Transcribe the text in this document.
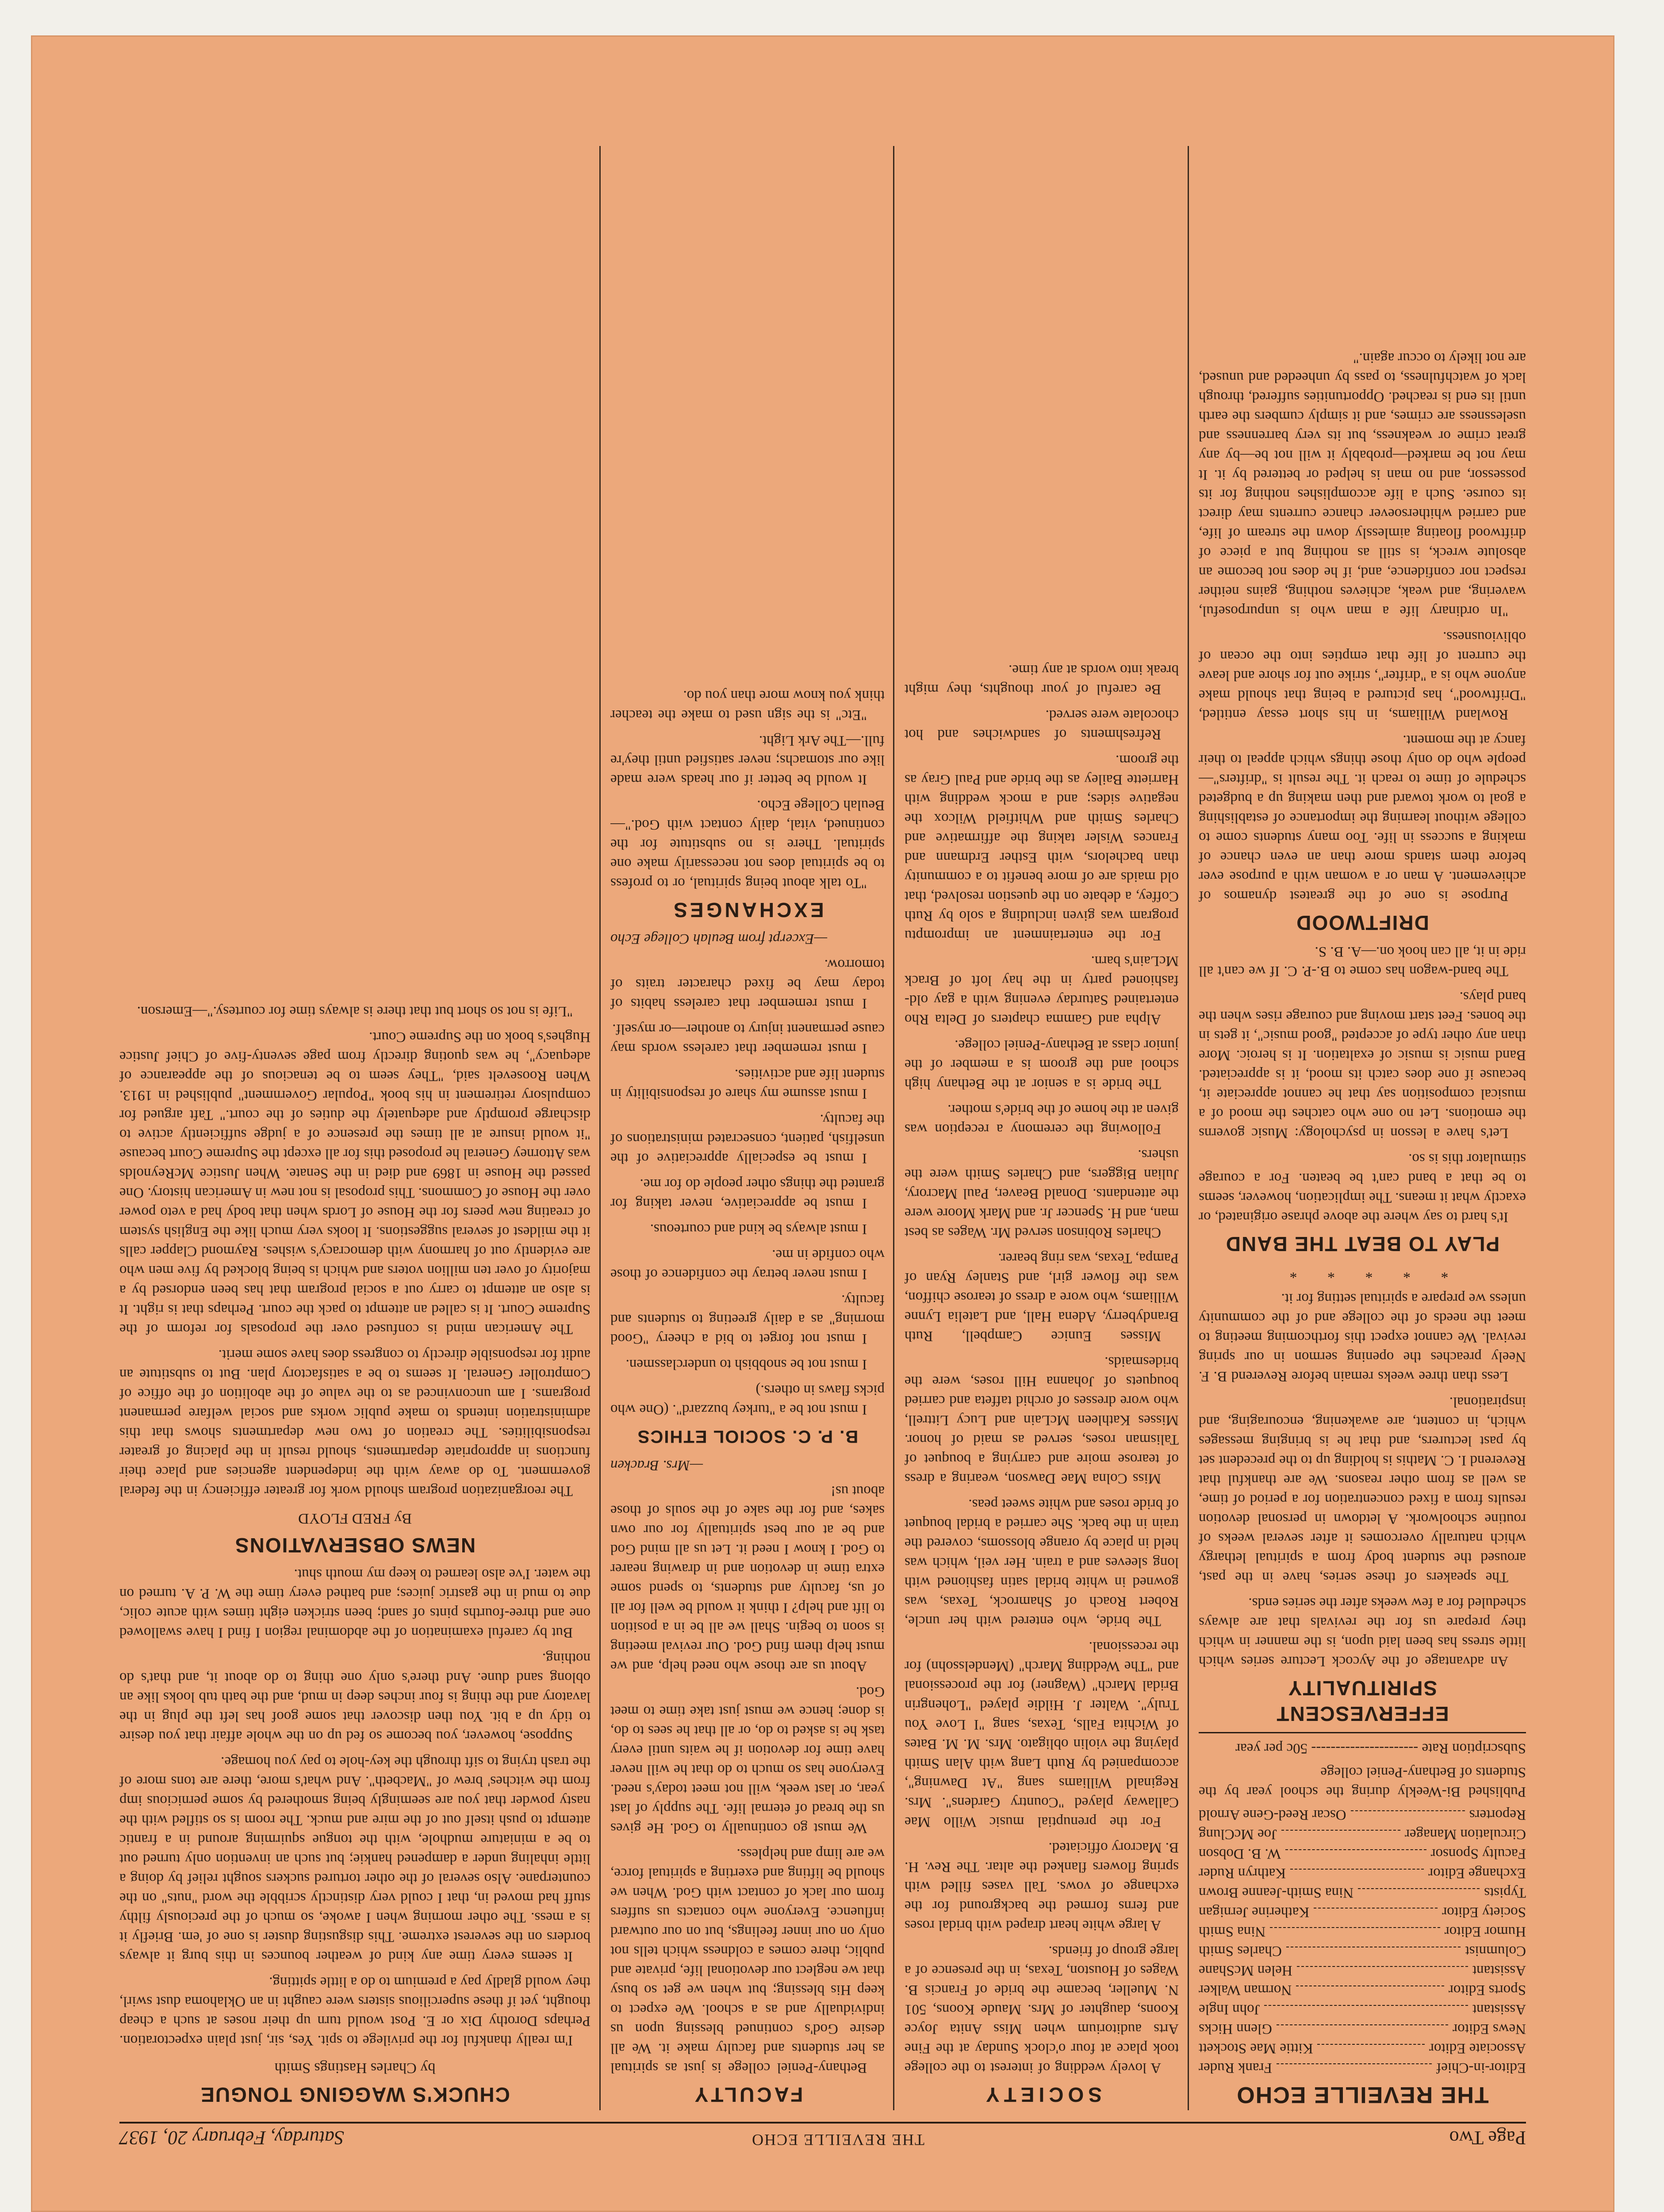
Page Two
THE REVEILLE ECHO
Saturday, February 20, 1937
THE REVEILLE ECHO
Editor-in-Chief
Frank Ruder
Associate Editor
Kittie Mae Stockett
News Editor
Glenn Hicks
Assistant
John Ingle
Sports Editor
Norman Walker
Assistant
Helen McShane
Columnist
Charles Smith
Humor Editor
Nina Smith
Society Editor
Katherine Jernigan
Typists
Nina Smith-Jeanne Brown
Exchange Editor
Kathryn Ruder
Faculty Sponsor
W. B. Dobson
Circulation Manager
Joe McClung
Reporters
Oscar Reed-Gene Arnold
Published Bi-Weekly during the school year by the Students of Bethany-Peniel college
Subscription Rate ---------------------- 50c per year
EFFERVESCENT SPIRITUALITY

An advantage of the Aycock Lecture series which little stress has been laid upon, is the manner in which they prepare us for the revivals that are always scheduled for a few weeks after the series ends.

The speakers of these series, have in the past, aroused the student body from a spiritual lethargy which naturally overcomes it after several weeks of routine schoolwork. A letdown in personal devotion results from a fixed concentration for a period of time, as well as from other reasons. We are thankful that Reverend I. C. Mathis is holding up to the precedent set by past lecturers, and that he is bringing messages which, in content, are awakening, encouraging, and inspirational.

Less than three weeks remain before Reverend B. F. Neely preaches the opening sermon in our spring revival. We cannot expect this forthcoming meeting to meet the needs of the college and of the community unless we prepare a spiritual setting for it.

* * * * *
PLAY TO BEAT THE BAND

It's hard to say where the above phrase originated, or exactly what it means. The implication, however, seems to be that a band can't be beaten. For a courage stimulator this is so.

Let's have a lesson in psychology: Music governs the emotions. Let no one who catches the mood of a musical composition say that he cannot appreciate it, because if one does catch its mood, it is appreciated. Band music is music of exaltation. It is heroic. More than any other type of accepted "good music", it gets in the bones. Feet start moving and courage rises when the band plays.

The band-wagon has come to B.-P. C. If we can't all ride in it, all can hook on.—A. B. S.

DRIFTWOOD

Purpose is one of the greatest dynamos of achievement. A man or a woman with a purpose ever before them stands more than an even chance of making a success in life. Too many students come to college without learning the importance of establishing a goal to work toward and then making up a budgeted schedule of time to reach it. The result is "drifters"—people who do only those things which appeal to their fancy at the moment.

Rowland Williams, in his short essay entitled, "Driftwood", has pictured a being that should make anyone who is a "drifter", strike out for shore and leave the current of life that empties into the ocean of obliviousness.

"In ordinary life a man who is unpurposeful, wavering, and weak, achieves nothing, gains neither respect nor confidence, and, if he does not become an absolute wreck, is still as nothing but a piece of driftwood floating aimlessly down the stream of life, and carried whithersoever chance currents may direct its course. Such a life accomplishes nothing for its possessor, and no man is helped or bettered by it. It may not be marked—probably it will not be—by any great crime or weakness, but its very barrenness and uselessness are crimes, and it simply cumbers the earth until its end is reached. Opportunities suffered, through lack of watchfulness, to pass by unheeded and unused, are not likely to occur again."

SOCIETY

A lovely wedding of interest to the college took place at four o'clock Sunday at the Fine Arts auditorium when Miss Anita Joyce Koons, daughter of Mrs. Maude Koons, 501 N. Mueller, became the bride of Francis B. Wages of Houston, Texas, in the presence of a large group of friends.

A large white heart draped with bridal roses and ferns formed the background for the exchange of vows. Tall vases filled with spring flowers flanked the altar. The Rev. H. B. Macrory officiated.

For the prenuptial music Willo Mae Callaway played "Country Gardens". Mrs. Reginald Williams sang "At Dawning", accompanied by Ruth Lang with Alan Smith playing the violin obligato. Mrs. M. M. Bates of Wichita Falls, Texas, sang "I Love You Truly". Walter J. Hildie played "Lohengrin Bridal March" (Wagner) for the processional and "The Wedding March" (Mendelssohn) for the recessional.

The bride, who entered with her uncle, Robert Roach of Shamrock, Texas, was gowned in white bridal satin fashioned with long sleeves and a train. Her veil, which was held in place by orange blossoms, covered the train in the back. She carried a bridal bouquet of bride roses and white sweet peas.

Miss Colna Mae Dawson, wearing a dress of tearose moire and carrying a bouquet of Talisman roses, served as maid of honor. Misses Kathleen McLain and Lucy Littrell, who wore dresses of orchid taffeta and carried bouquets of Johanna Hill roses, were the bridesmaids.

Misses Eunice Campbell, Ruth Brandyberry, Adena Hall, and Latelia Lynne Williams, who wore a dress of tearose chiffon, was the flower girl, and Stanley Ryan of Pampa, Texas, was ring bearer.

Charles Robinson served Mr. Wages as best man, and H. Spencer Jr. and Mark Moore were the attendants. Donald Beaver, Paul Macrory, Julian Biggers, and Charles Smith were the ushers.

Following the ceremony a reception was given at the home of the bride's mother.

The bride is a senior at the Bethany high school and the groom is a member of the junior class at Bethany-Peniel college.

Alpha and Gamma chapters of Delta Rho entertained Saturday evening with a gay old-fashioned party in the hay loft of Brack McLain's barn.

For the entertainment an impromptu program was given including a solo by Ruth Coffey, a debate on the question resolved, that old maids are of more benefit to a community than bachelors, with Esther Erdmann and Frances Wisler taking the affirmative and Charles Smith and Whitfield Wilcox the negative sides; and a mock wedding with Harriette Bailey as the bride and Paul Gray as the groom.

Refreshments of sandwiches and hot chocolate were served.

Be careful of your thoughts, they might break into words at any time.

FACULTY

Bethany-Peniel college is just as spiritual as her students and faculty make it. We all desire God's continued blessing upon us individually and as a school. We expect to keep His blessing; but when we get so busy that we neglect our devotional life, private and public, there comes a coldness which tells not only on our inner feelings, but on our outward influence. Everyone who contacts us suffers from our lack of contact with God. When we should be lifting and exerting a spiritual force, we are limp and helpless.

We must go continually to God. He gives us the bread of eternal life. The supply of last year, or last week, will not meet today's need. Everyone has so much to do that he will never have time for devotion if he waits until every task he is asked to do, or all that he sees to do, is done; hence we must just take time to meet God.

About us are those who need help, and we must help them find God. Our revival meeting is soon to begin. Shall we all be in a position to lift and help? I think it would be well for all of us, faculty and students, to spend some extra time in devotion and in drawing nearer to God. I know I need it. Let us all mind God and be at our best spiritually for our own sakes, and for the sake of the souls of those about us!

—Mrs. Bracken
B. P. C. SOCIOL ETHICS

I must not be a "turkey buzzard". (One who picks flaws in others.)

I must not be snobbish to underclassmen.

I must not forget to bid a cheery "Good morning" as a daily greeting to students and faculty.

I must never betray the confidence of those who confide in me.

I must always be kind and courteous.

I must be appreciative, never taking for granted the things other people do for me.

I must be especially appreciative of the unselfish, patient, consecrated ministrations of the faculty.

I must assume my share of responsibility in student life and activities.

I must remember that careless words may cause permanent injury to another—or myself.

I must remember that careless habits of today may be fixed character traits of tomorrow.

—Excerpt from Beulah College Echo
EXCHANGES

"To talk about being spiritual, or to profess to be spiritual does not necessarily make one spiritual. There is no substitute for the continued, vital, daily contact with God."—Beulah College Echo.

It would be better if our heads were made like our stomachs; never satisfied until they're full.—The Ark Light.

"Etc" is the sign used to make the teacher think you know more than you do.

CHUCK'S WAGGING TONGUE
by Charles Hastings Smith

I'm really thankful for the privilege to spit. Yes, sir, just plain expectoration. Perhaps Dorothy Dix or E. Post would turn up their noses at such a cheap thought, yet if these supercilious sisters were caught in an Oklahoma dust swirl, they would gladly pay a premium to do a little spitting.

It seems every time any kind of weather bounces in this burg it always borders on the severest extreme. This disgusting duster is one of 'em. Briefly it is a mess. The other morning when I awoke, so much of the preciously filthy stuff had moved in, that I could very distinctly scribble the word "nuts" on the counterpane. Also several of the other tortured suckers sought relief by doing a little inhaling under a dampened hankie; but such an invention only turned out to be a miniature mudhole, with the tongue squirming around in a frantic attempt to push itself out of the mire and muck. The room is so stifled with the nasty powder that you are seemingly being smothered by some pernicious imp from the witches' brew of "Macbeth". And what's more, there are tons more of the trash trying to sift through the key-hole to pay you homage.

Suppose, however, you become so fed up on the whole affair that you desire to tidy up a bit. You then discover that some goof has left the plug in the lavatory and the thing is four inches deep in mud, and the bath tub looks like an oblong sand dune. And there's only one thing to do about it, and that's do nothing.

But by careful examination of the abdominal region I find I have swallowed one and three-fourths pints of sand; been stricken eight times with acute colic, due to mud in the gastric juices; and bathed every time the W. P. A. turned on the water. I've also learned to keep my mouth shut.

NEWS OBSERVATIONS
By FRED FLOYD

The reorganization program should work for greater efficiency in the federal government. To do away with the independent agencies and place their functions in appropriate departments, should result in the placing of greater responsibilities. The creation of two new departments shows that this administration intends to make public works and social welfare permanent programs. I am unconvinced as to the value of the abolition of the office of Comptroller General. It seems to be a satisfactory plan. But to substitute an audit for responsible directly to congress does have some merit.

The American mind is confused over the proposals for reform of the Supreme Court. It is called an attempt to pack the court. Perhaps that is right. It is also an attempt to carry out a social program that has been endorsed by a majority of over ten million voters and which is being blocked by five men who are evidently out of harmony with democracy's wishes. Raymond Clapper calls it the mildest of several suggestions. It looks very much like the English system of creating new peers for the House of Lords when that body had a veto power over the House of Commons. This proposal is not new in American history. One passed the House in 1869 and died in the Senate. When Justice McReynolds was Attorney General he proposed this for all except the Supreme Court because "it would insure at all times the presence of a judge sufficiently active to discharge promptly and adequately the duties of the court." Taft argued for compulsory retirement in his book "Popular Government" published in 1913. When Roosevelt said, "They seem to be tenacious of the appearance of adequacy", he was quoting directly from page seventy-five of Chief Justice Hughes's book on the Supreme Court.

"Life is not so short but that there is always time for courtesy."—Emerson.
